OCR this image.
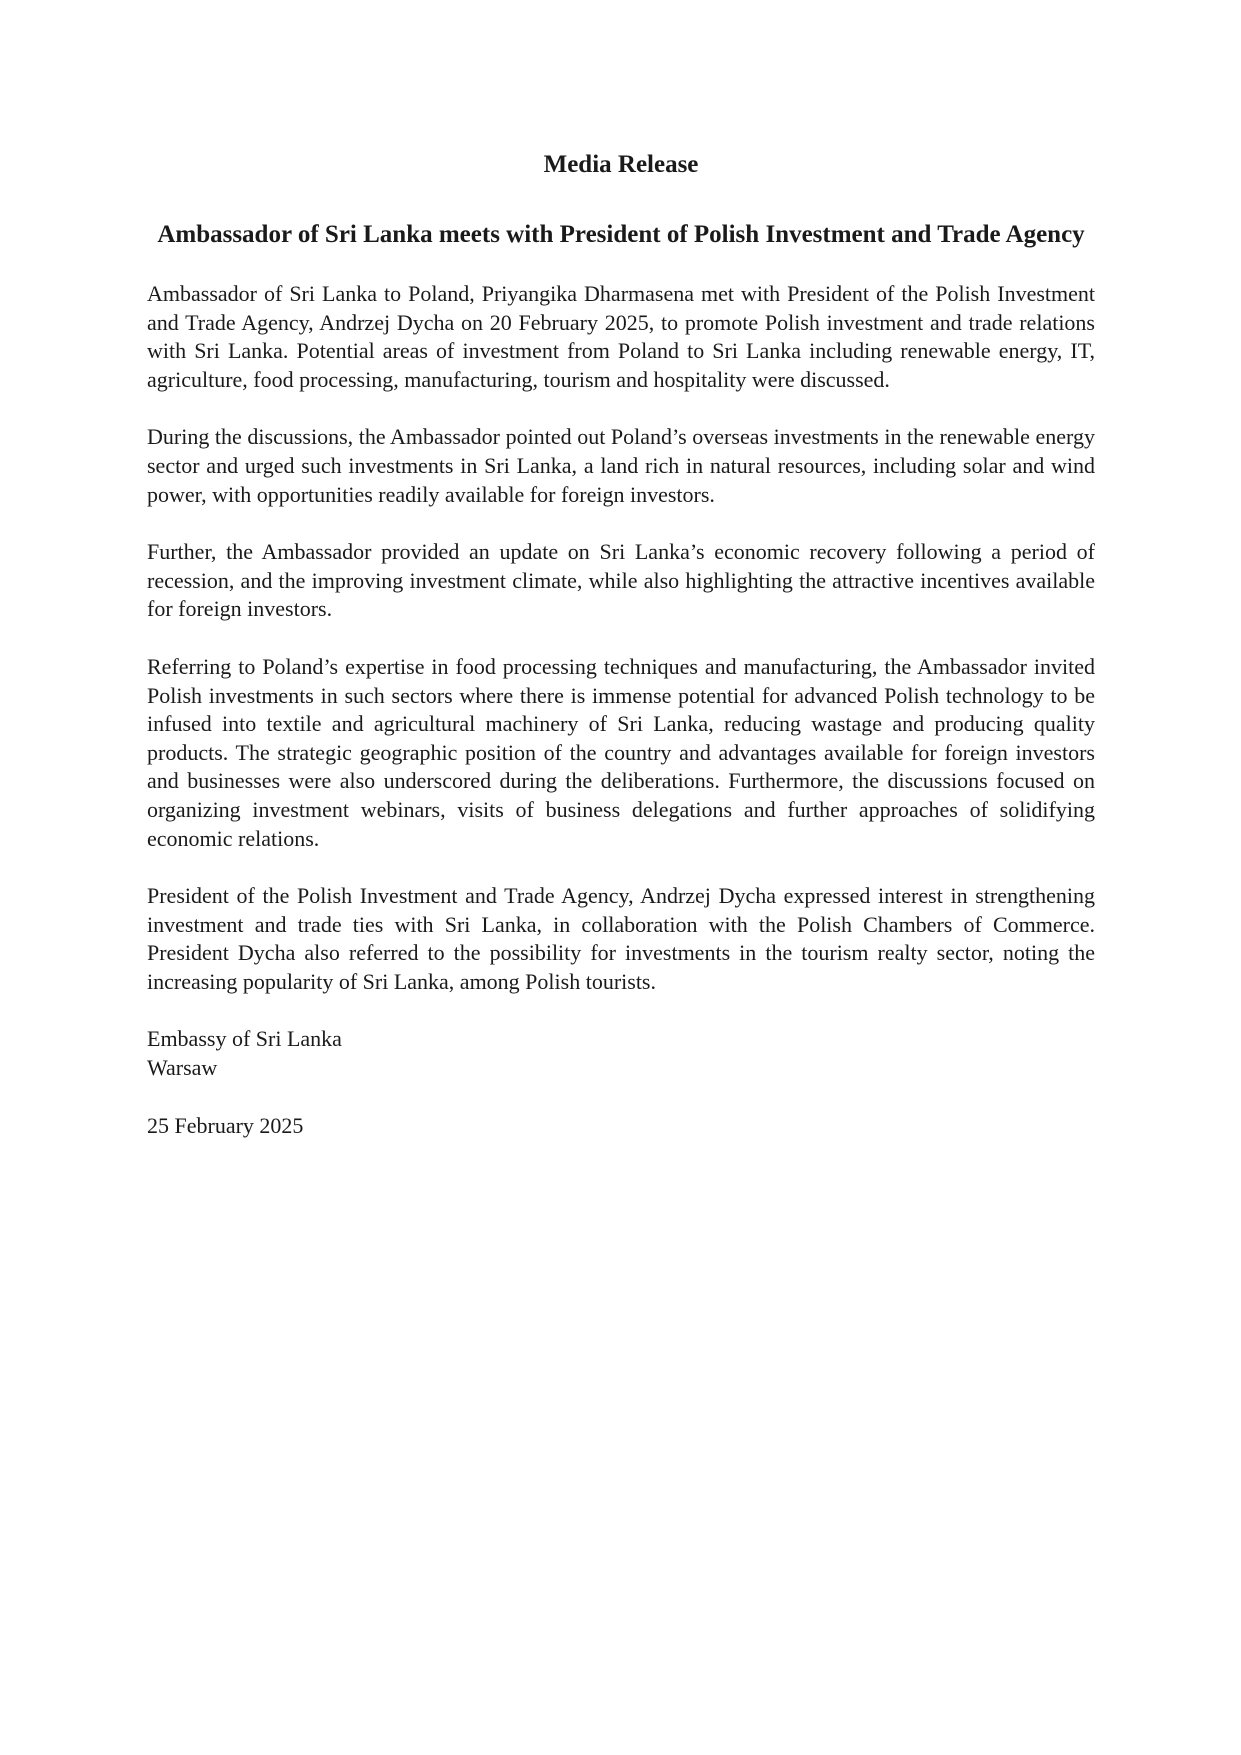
Media Release
Ambassador of Sri Lanka meets with President of Polish Investment and Trade Agency

Ambassador of Sri Lanka to Poland, Priyangika Dharmasena met with President of the Polish Investment and Trade Agency, Andrzej Dycha on 20 February 2025, to promote Polish investment and trade relations with Sri Lanka. Potential areas of investment from Poland to Sri Lanka including renewable energy, IT, agriculture, food processing, manufacturing, tourism and hospitality were discussed.

During the discussions, the Ambassador pointed out Poland’s overseas investments in the renewable energy sector and urged such investments in Sri Lanka, a land rich in natural resources, including solar and wind power, with opportunities readily available for foreign investors.

Further, the Ambassador provided an update on Sri Lanka’s economic recovery following a period of recession, and the improving investment climate, while also highlighting the attractive incentives available for foreign investors.

Referring to Poland’s expertise in food processing techniques and manufacturing, the Ambassador invited Polish investments in such sectors where there is immense potential for advanced Polish technology to be infused into textile and agricultural machinery of Sri Lanka, reducing wastage and producing quality products. The strategic geographic position of the country and advantages available for foreign investors and businesses were also underscored during the deliberations. Furthermore, the discussions focused on organizing investment webinars, visits of business delegations and further approaches of solidifying economic relations.

President of the Polish Investment and Trade Agency, Andrzej Dycha expressed interest in strengthening investment and trade ties with Sri Lanka, in collaboration with the Polish Chambers of Commerce. President Dycha also referred to the possibility for investments in the tourism realty sector, noting the increasing popularity of Sri Lanka, among Polish tourists.

Embassy of Sri Lanka
Warsaw

25 February 2025
